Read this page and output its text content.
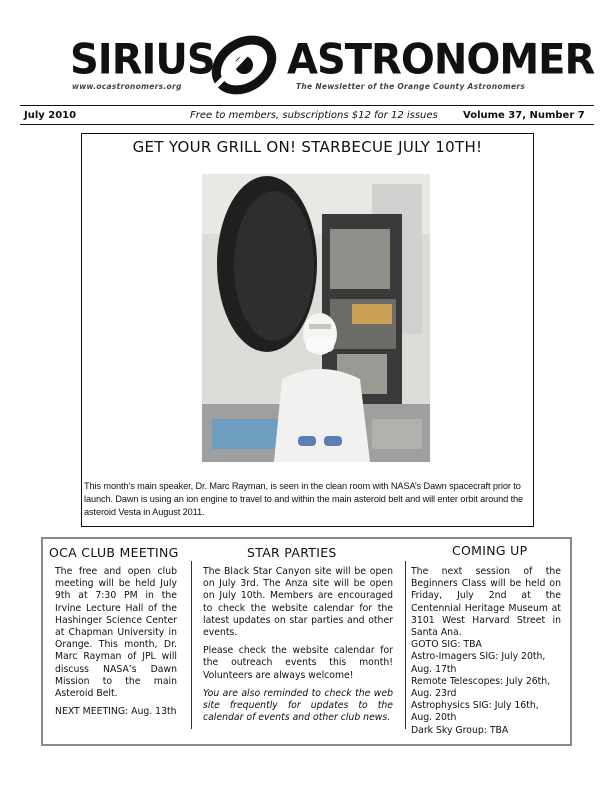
SIRIUS ASTRONOMER
www.ocastronomers.org	The Newsletter of the Orange County Astronomers
July 2010	Free to members, subscriptions $12 for 12 issues	Volume 37, Number 7
GET YOUR GRILL ON! STARBECUE JULY 10TH!
This month’s main speaker, Dr. Marc Rayman, is seen in the clean room with NASA’s Dawn spacecraft prior to launch. Dawn is using an ion engine to travel to and within the main asteroid belt and will enter orbit around the asteroid Vesta in August 2011.
OCA CLUB MEETING	STAR PARTIES	COMING UP

The free and open club meeting will be held July 9th at 7:30 PM in the Irvine Lecture Hall of the Hashinger Science Center at Chapman University in Orange. This month, Dr. Marc Rayman of JPL will discuss NASA’s Dawn Mission to the main Asteroid Belt.

NEXT MEETING: Aug. 13th

The Black Star Canyon site will be open on July 3rd. The Anza site will be open on July 10th. Members are encouraged to check the website calendar for the latest updates on star parties and other events.

Please check the website calendar for the outreach events this month! Volunteers are always welcome!

You are also reminded to check the web site frequently for updates to the calendar of events and other club news.

The next session of the Beginners Class will be held on Friday, July 2nd at the Centennial Heritage Museum at 3101 West Harvard Street in Santa Ana.

GOTO SIG: TBA
Astro-Imagers SIG: July 20th, Aug. 17th
Remote Telescopes: July 26th, Aug. 23rd
Astrophysics SIG: July 16th, Aug. 20th
Dark Sky Group: TBA
